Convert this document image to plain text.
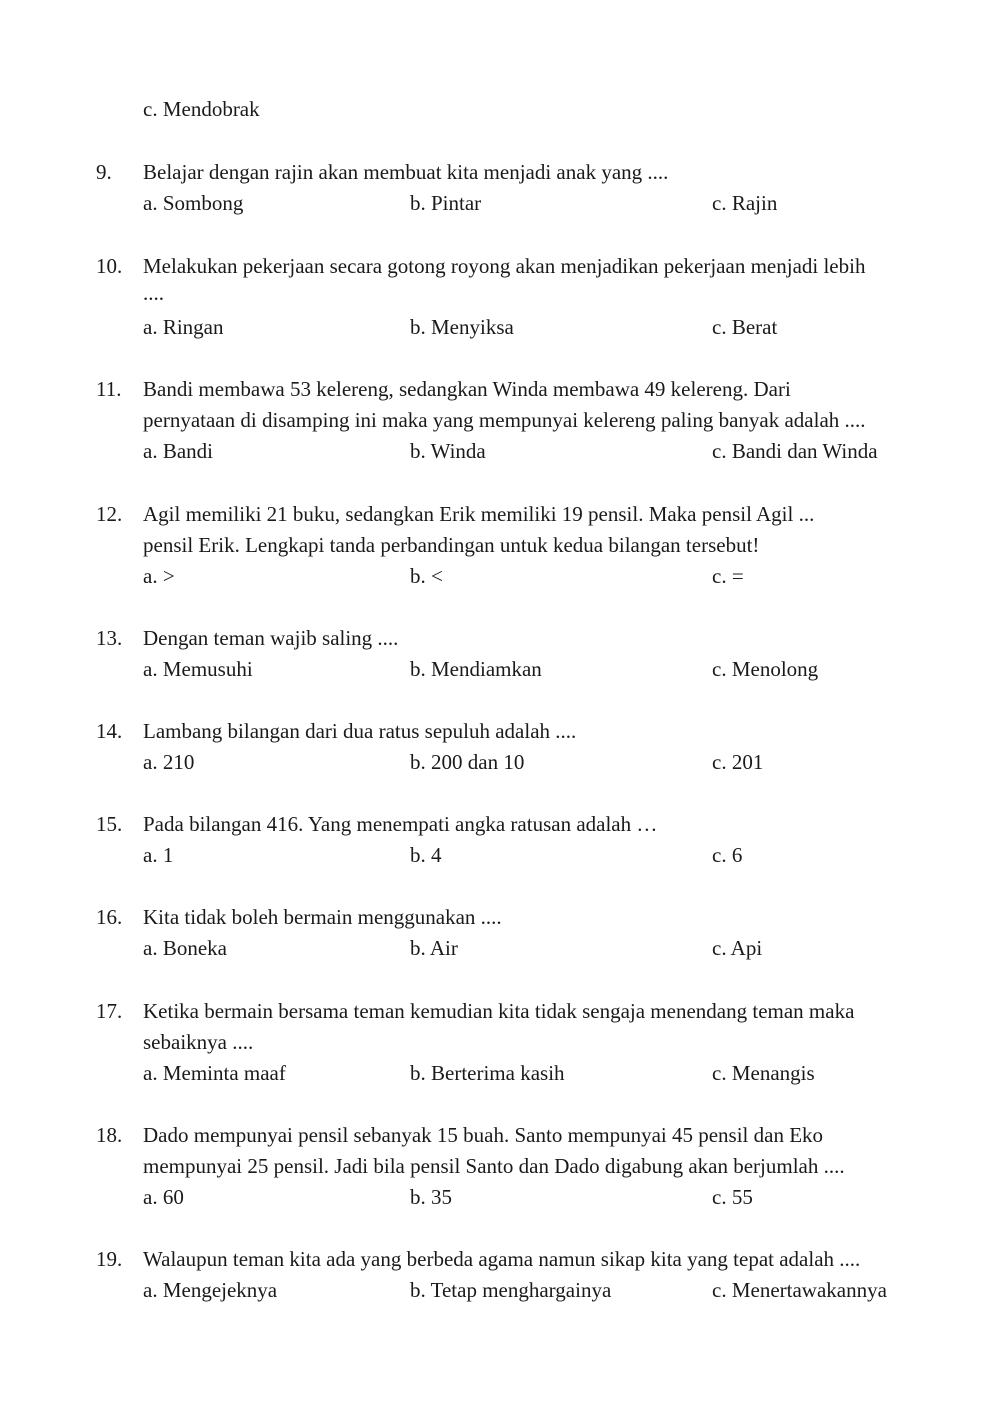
c. Mendobrak
9. Belajar dengan rajin akan membuat kita menjadi anak yang ....
a. Sombong	b. Pintar	c. Rajin
10. Melakukan pekerjaan secara gotong royong akan menjadikan pekerjaan menjadi lebih
....
a. Ringan	b. Menyiksa	c. Berat
11. Bandi membawa 53 kelereng, sedangkan Winda membawa 49 kelereng. Dari
pernyataan di disamping ini maka yang mempunyai kelereng paling banyak adalah ....
a. Bandi	b. Winda	c. Bandi dan Winda
12. Agil memiliki 21 buku, sedangkan Erik memiliki 19 pensil. Maka pensil Agil ...
pensil Erik. Lengkapi tanda perbandingan untuk kedua bilangan tersebut!
a. >	b. <	c. =
13. Dengan teman wajib saling ....
a. Memusuhi	b. Mendiamkan	c. Menolong
14. Lambang bilangan dari dua ratus sepuluh adalah ....
a. 210	b. 200 dan 10	c. 201
15. Pada bilangan 416. Yang menempati angka ratusan adalah …
a. 1	b. 4	c. 6
16. Kita tidak boleh bermain menggunakan ....
a. Boneka	b. Air	c. Api
17. Ketika bermain bersama teman kemudian kita tidak sengaja menendang teman maka
sebaiknya ....
a. Meminta maaf	b. Berterima kasih	c. Menangis
18. Dado mempunyai pensil sebanyak 15 buah. Santo mempunyai 45 pensil dan Eko
mempunyai 25 pensil. Jadi bila pensil Santo dan Dado digabung akan berjumlah ....
a. 60	b. 35	c. 55
19. Walaupun teman kita ada yang berbeda agama namun sikap kita yang tepat adalah ....
a. Mengejeknya	b. Tetap menghargainya	c. Menertawakannya
